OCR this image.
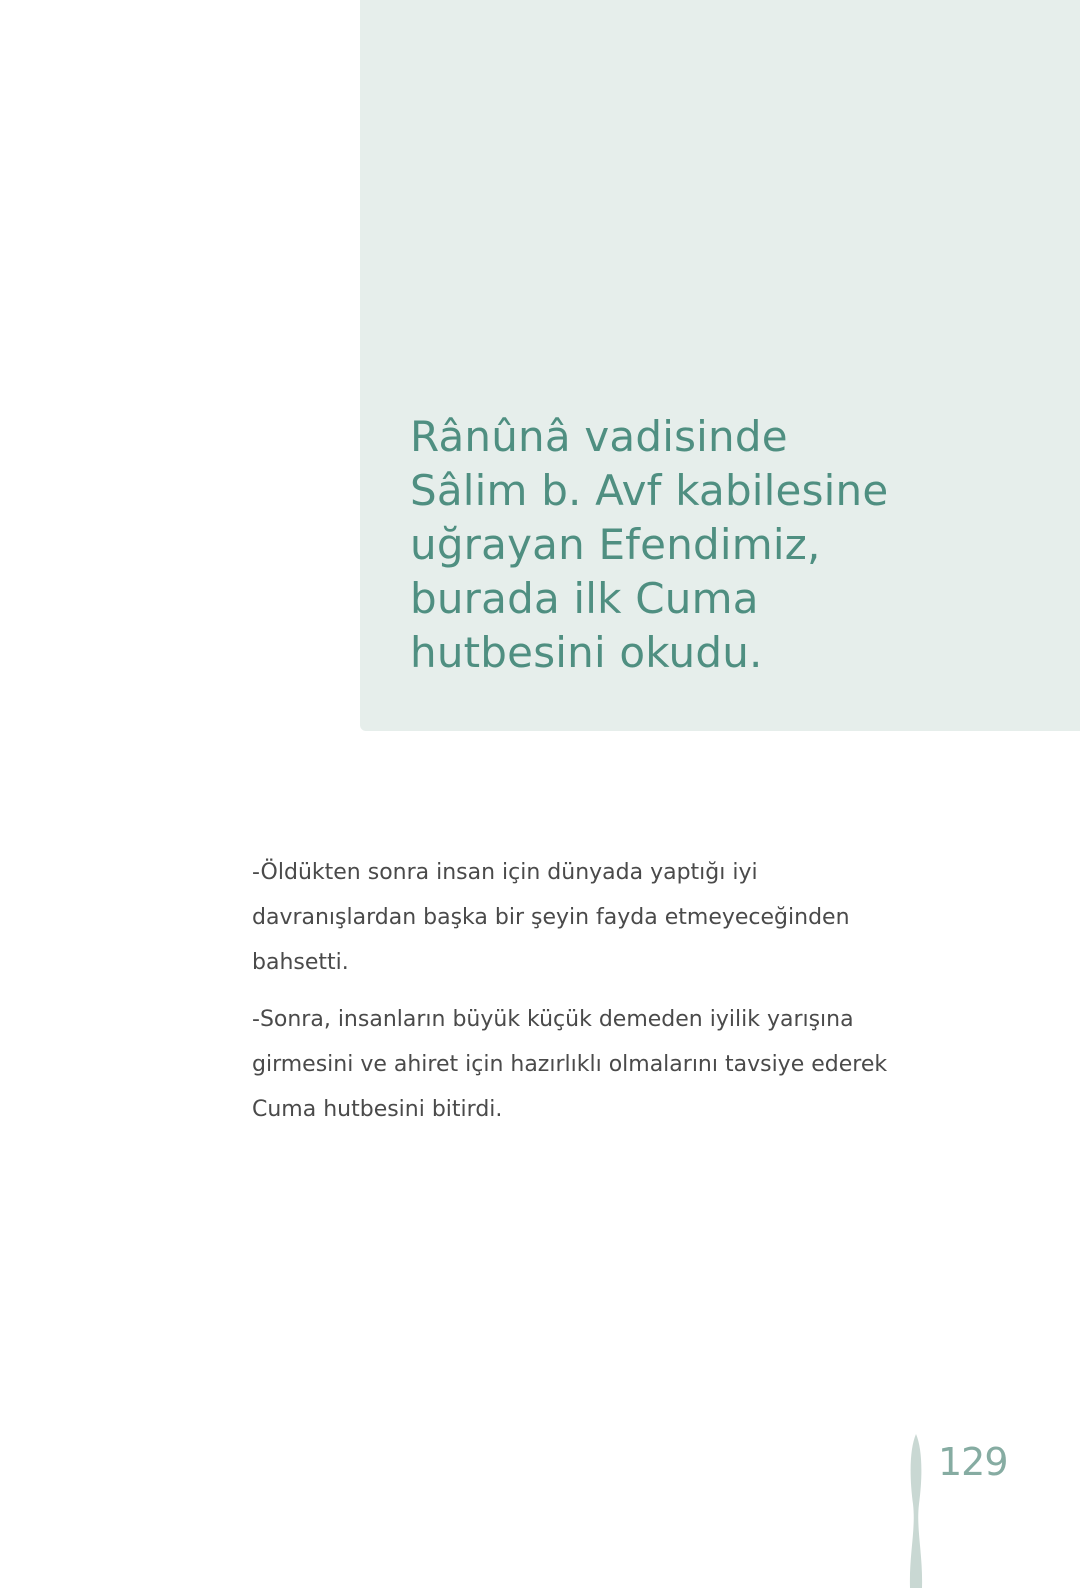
Rânûnâ vadisinde
Sâlim b. Avf kabilesine
uğrayan Efendimiz,
burada ilk Cuma
hutbesini okudu.

-Öldükten sonra insan için dünyada yaptığı iyi
davranışlardan başka bir şeyin fayda etmeyeceğinden
bahsetti.

-Sonra, insanların büyük küçük demeden iyilik yarışına
girmesini ve ahiret için hazırlıklı olmalarını tavsiye ederek
Cuma hutbesini bitirdi.

129
